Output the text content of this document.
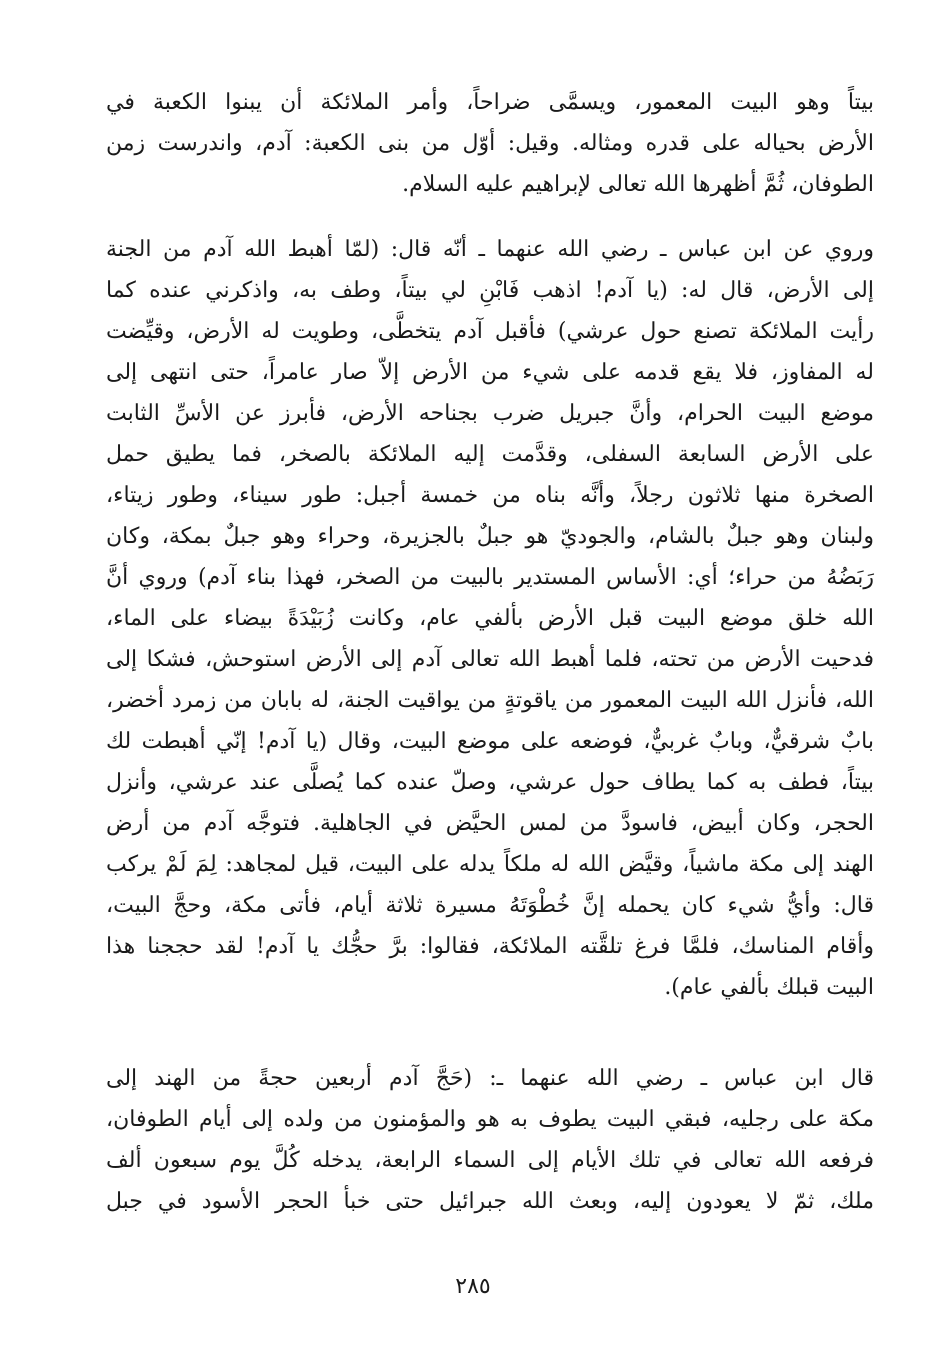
بيتاً وهو البيت المعمور، ويسمَّى ضراحاً، وأمر الملائكة أن يبنوا الكعبة في
الأرض بحياله على قدره ومثاله. وقيل: أوّل من بنى الكعبة: آدم، واندرست زمن
الطوفان، ثُمَّ أظهرها الله تعالى لإبراهيم عليه السلام.
وروي عن ابن عباس ـ رضي الله عنهما ـ أنّه قال: (لمّا أهبط الله آدم من الجنة
إلى الأرض، قال له: (يا آدم! اذهب فَابْنِ لي بيتاً، وطف به، واذكرني عنده كما
رأيت الملائكة تصنع حول عرشي) فأقبل آدم يتخطَّى، وطويت له الأرض، وقيِّضت
له المفاوز، فلا يقع قدمه على شيء من الأرض إلاّ صار عامراً، حتى انتهى إلى
موضع البيت الحرام، وأنَّ جبريل ضرب بجناحه الأرض، فأبرز عن الأسِّ الثابت
على الأرض السابعة السفلى، وقدَّمت إليه الملائكة بالصخر، فما يطيق حمل
الصخرة منها ثلاثون رجلاً، وأنَّه بناه من خمسة أجبل: طور سيناء، وطور زيتاء،
ولبنان وهو جبلٌ بالشام، والجوديّ هو جبلٌ بالجزيرة، وحراء وهو جبلٌ بمكة، وكان
رَبَضُهُ من حراء؛ أي: الأساس المستدير بالبيت من الصخر، فهذا بناء آدم) وروي أنَّ
الله خلق موضع البيت قبل الأرض بألفي عام، وكانت زُبَيْدَةً بيضاء على الماء،
فدحيت الأرض من تحته، فلما أهبط الله تعالى آدم إلى الأرض استوحش، فشكا إلى
الله، فأنزل الله البيت المعمور من ياقوتةٍ من يواقيت الجنة، له بابان من زمرد أخضر،
بابٌ شرقيٌّ، وبابٌ غربيٌّ، فوضعه على موضع البيت، وقال (يا آدم! إنّي أهبطت لك
بيتاً، فطف به كما يطاف حول عرشي، وصلّ عنده كما يُصلَّى عند عرشي، وأنزل
الحجر، وكان أبيض، فاسودَّ من لمس الحيَّض في الجاهلية. فتوجَّه آدم من أرض
الهند إلى مكة ماشياً، وقيَّض الله له ملكاً يدله على البيت، قيل لمجاهد: لِمَ لَمْ يركب
قال: وأيُّ شيء كان يحمله إنَّ خُطْوَتَهُ مسيرة ثلاثة أيام، فأتى مكة، وحجَّ البيت،
وأقام المناسك، فلمَّا فرغ تلقَّته الملائكة، فقالوا: برَّ حجُّك يا آدم! لقد حججنا هذا
البيت قبلك بألفي عام).
قال ابن عباس ـ رضي الله عنهما ـ: (حَجَّ آدم أربعين حجةً من الهند إلى
مكة على رجليه، فبقي البيت يطوف به هو والمؤمنون من ولده إلى أيام الطوفان،
فرفعه الله تعالى في تلك الأيام إلى السماء الرابعة، يدخله كُلَّ يوم سبعون ألف
ملك، ثمّ لا يعودون إليه، وبعث الله جبرائيل حتى خبأ الحجر الأسود في جبل
٢٨٥
